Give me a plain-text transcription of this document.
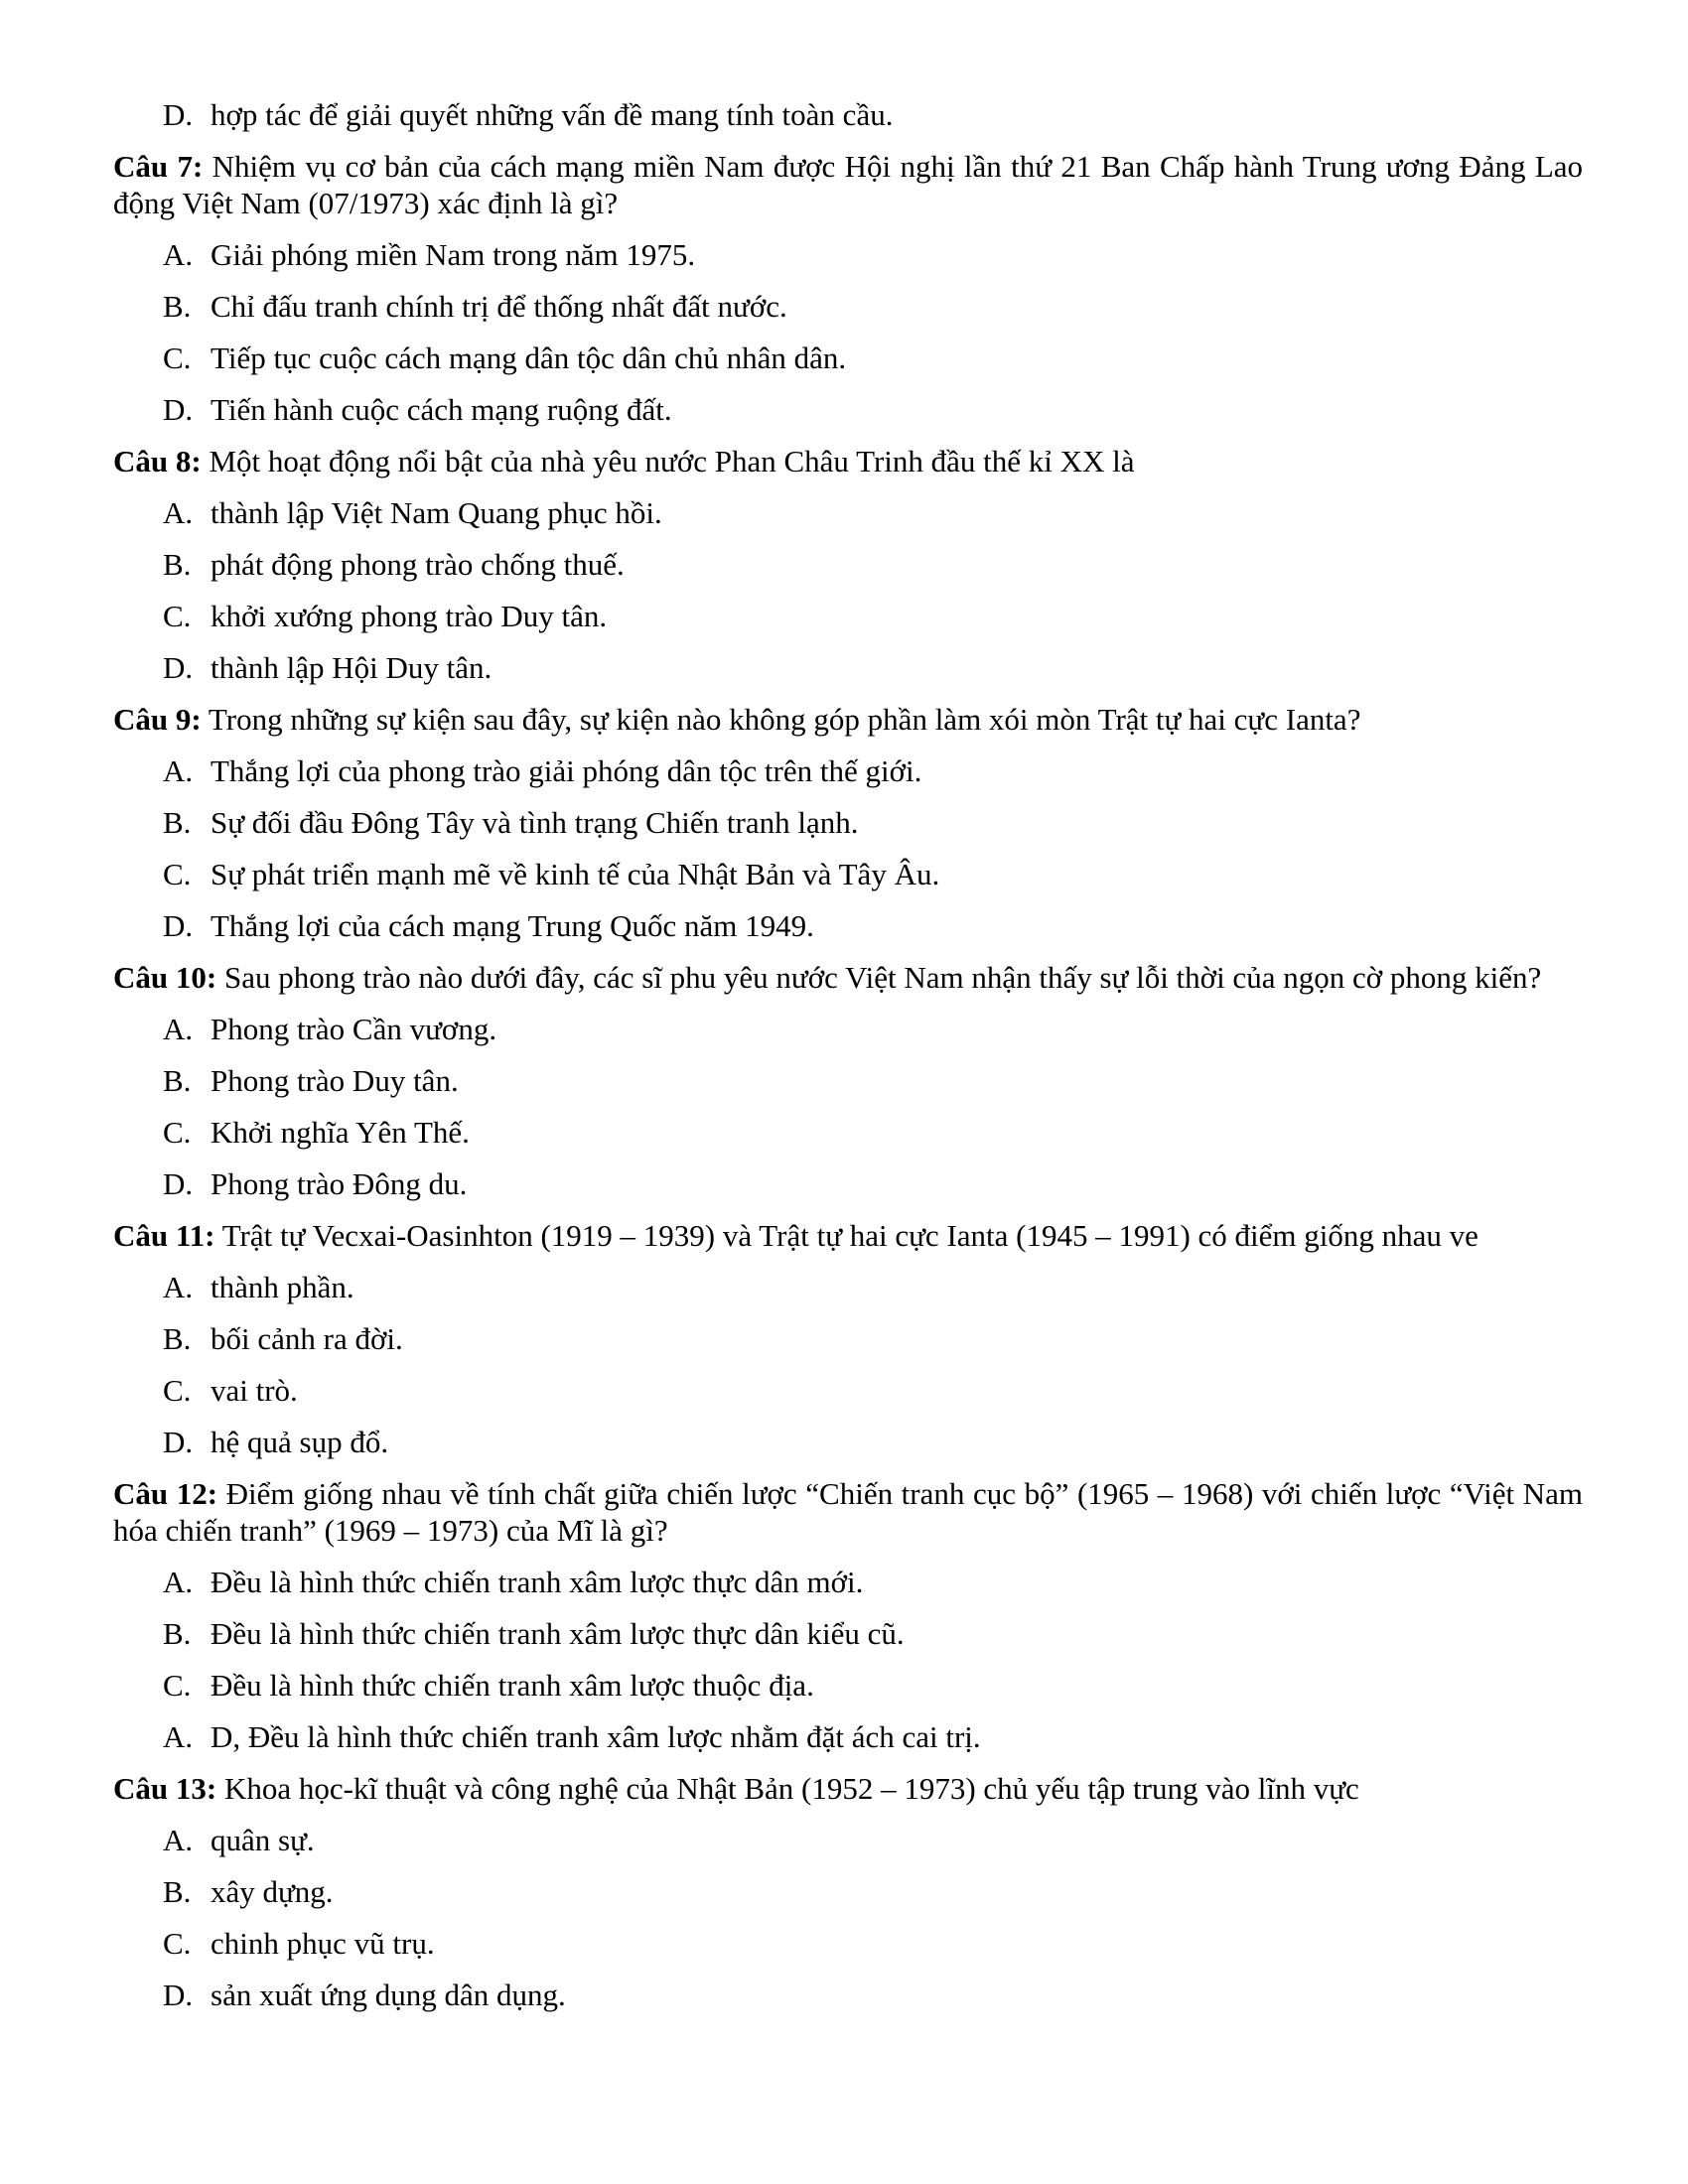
D. hợp tác để giải quyết những vấn đề mang tính toàn cầu.
Câu 7: Nhiệm vụ cơ bản của cách mạng miền Nam được Hội nghị lần thứ 21 Ban Chấp hành Trung ương Đảng Lao động Việt Nam (07/1973) xác định là gì?
A. Giải phóng miền Nam trong năm 1975.
B. Chỉ đấu tranh chính trị để thống nhất đất nước.
C. Tiếp tục cuộc cách mạng dân tộc dân chủ nhân dân.
D. Tiến hành cuộc cách mạng ruộng đất.
Câu 8: Một hoạt động nổi bật của nhà yêu nước Phan Châu Trinh đầu thế kỉ XX là
A. thành lập Việt Nam Quang phục hồi.
B. phát động phong trào chống thuế.
C. khởi xướng phong trào Duy tân.
D. thành lập Hội Duy tân.
Câu 9: Trong những sự kiện sau đây, sự kiện nào không góp phần làm xói mòn Trật tự hai cực Ianta?
A. Thắng lợi của phong trào giải phóng dân tộc trên thế giới.
B. Sự đối đầu Đông Tây và tình trạng Chiến tranh lạnh.
C. Sự phát triển mạnh mẽ về kinh tế của Nhật Bản và Tây Âu.
D. Thắng lợi của cách mạng Trung Quốc năm 1949.
Câu 10: Sau phong trào nào dưới đây, các sĩ phu yêu nước Việt Nam nhận thấy sự lỗi thời của ngọn cờ phong kiến?
A. Phong trào Cần vương.
B. Phong trào Duy tân.
C. Khởi nghĩa Yên Thế.
D. Phong trào Đông du.
Câu 11: Trật tự Vecxai-Oasinhton (1919 – 1939) và Trật tự hai cực Ianta (1945 – 1991) có điểm giống nhau ve
A. thành phần.
B. bối cảnh ra đời.
C. vai trò.
D. hệ quả sụp đổ.
Câu 12: Điểm giống nhau về tính chất giữa chiến lược “Chiến tranh cục bộ” (1965 – 1968) với chiến lược “Việt Nam hóa chiến tranh” (1969 – 1973) của Mĩ là gì?
A. Đều là hình thức chiến tranh xâm lược thực dân mới.
B. Đều là hình thức chiến tranh xâm lược thực dân kiểu cũ.
C. Đều là hình thức chiến tranh xâm lược thuộc địa.
A. D, Đều là hình thức chiến tranh xâm lược nhằm đặt ách cai trị.
Câu 13: Khoa học-kĩ thuật và công nghệ của Nhật Bản (1952 – 1973) chủ yếu tập trung vào lĩnh vực
A. quân sự.
B. xây dựng.
C. chinh phục vũ trụ.
D. sản xuất ứng dụng dân dụng.
